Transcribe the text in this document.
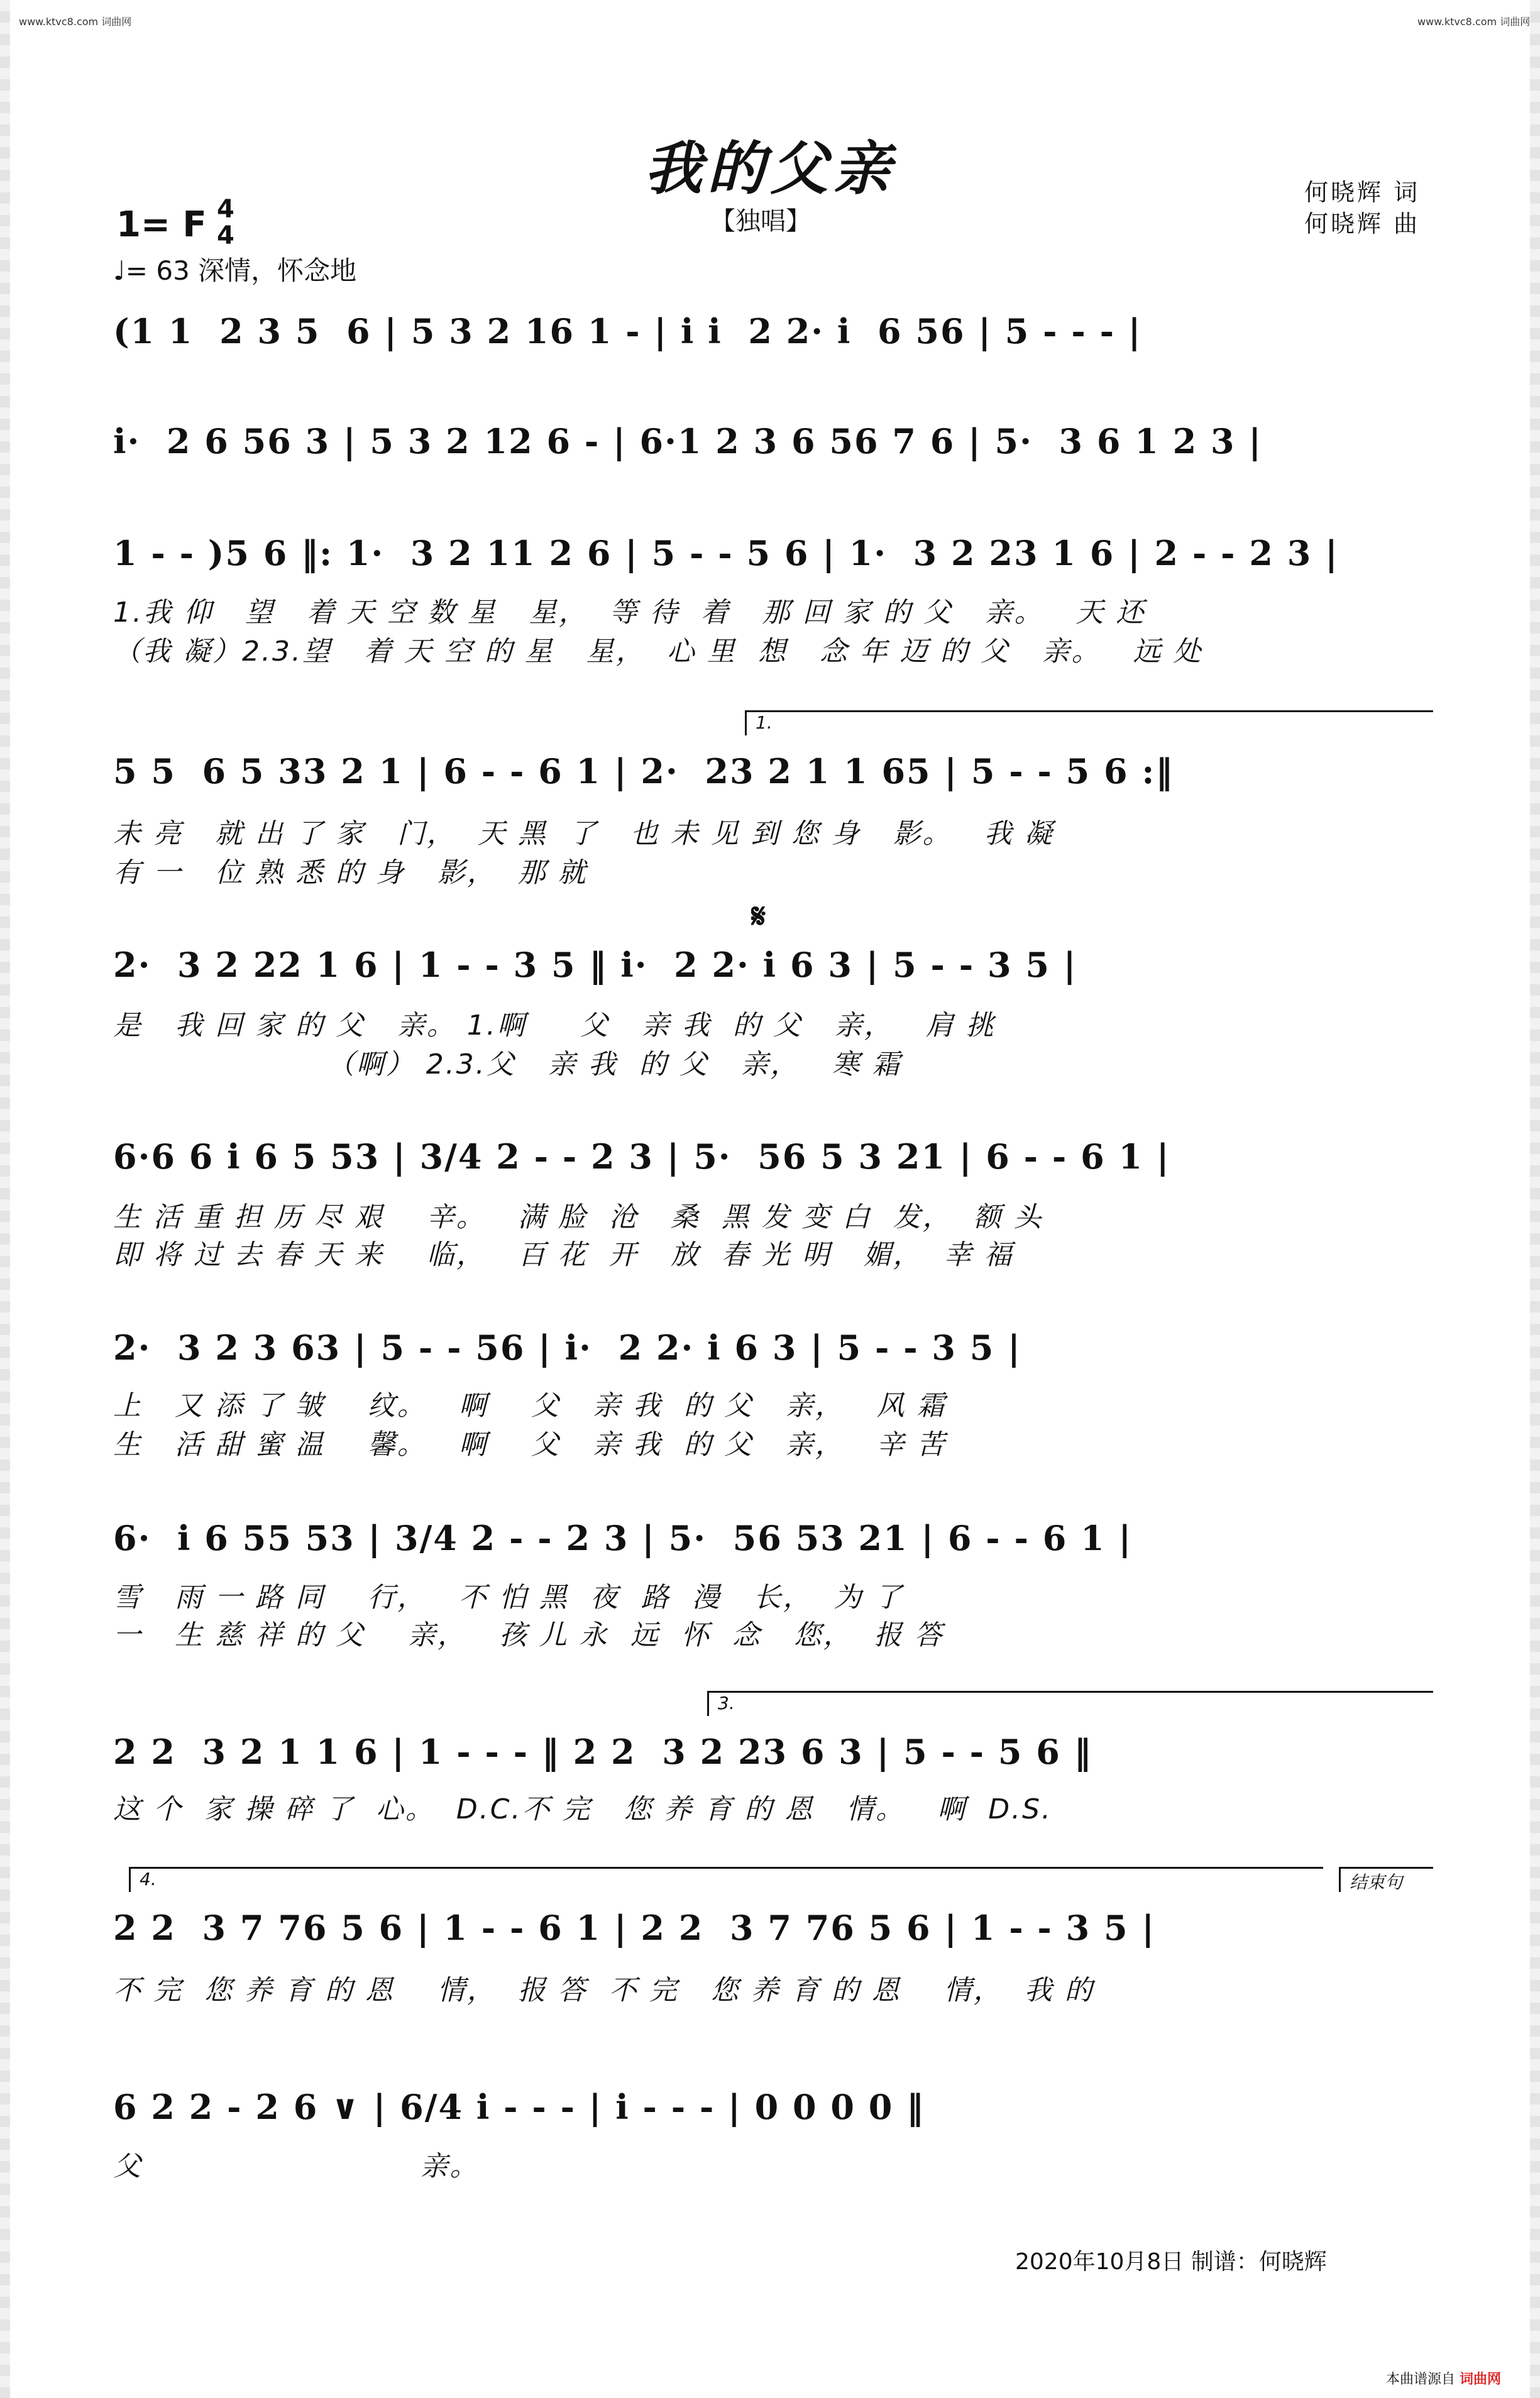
www.ktvc8.com 词曲网	www.ktvc8.com 词曲网
我的父亲
【独唱】
何晓辉 词
何晓辉 曲
1= F 4
4
♩= 63 深情，怀念地
(1 1  2 3 5  6 | 5 3 2 16 1 - | i i  2 2· i  6 56 | 5 - - - |
i·  2 6 56 3 | 5 3 2 12 6 - | 6·1 2 3 6 56 7 6 | 5·  3 6 1 2 3 |
1 - - )5 6 ‖: 1·  3 2 11 2 6 | 5 - - 5 6 | 1·  3 2 23 1 6 | 2 - - 2 3 |
1.我 仰   望   着 天 空 数 星   星，  等 待  着   那 回 家 的 父   亲。   天 还
（我 凝）2.3.望   着 天 空 的 星   星，  心 里  想   念 年 迈 的 父   亲。   远 处
1.
5 5  6 5 33 2 1 | 6 - - 6 1 | 2·  23 2 1 1 65 | 5 - - 5 6 :‖
未 亮   就 出 了 家   门，  天 黑  了   也 未 见 到 您 身   影。   我 凝
有 一   位 熟 悉 的 身   影，  那 就
𝄋
2·  3 2 22 1 6 | 1 - - 3 5 ‖ i·  2 2· i 6 3 | 5 - - 3 5 |
是   我 回 家 的 父   亲。 1.啊     父   亲 我  的 父   亲，   肩 挑
（啊） 2.3.父   亲 我  的 父   亲，   寒 霜
6·6 6 i 6 5 53 | 3/4 2 - - 2 3 | 5·  56 5 3 21 | 6 - - 6 1 |
生 活 重 担 历 尽 艰    辛。   满 脸  沧   桑  黑 发 变 白  发，  额 头
即 将 过 去 春 天 来    临，   百 花  开   放  春 光 明   媚，  幸 福
2·  3 2 3 63 | 5 - - 56 | i·  2 2· i 6 3 | 5 - - 3 5 |
上   又 添 了 皱    纹。   啊    父   亲 我  的 父   亲，   风 霜
生   活 甜 蜜 温    馨。   啊    父   亲 我  的 父   亲，   辛 苦
6·  i 6 55 53 | 3/4 2 - - 2 3 | 5·  56 53 21 | 6 - - 6 1 |
雪   雨 一 路 同    行，   不 怕 黑  夜  路  漫   长，  为 了
一   生 慈 祥 的 父    亲，   孩 儿 永  远  怀  念   您，  报 答
3.
2 2  3 2 1 1 6 | 1 - - - ‖ 2 2  3 2 23 6 3 | 5 - - 5 6 ‖
这 个  家 操 碎 了  心。  D.C.不 完   您 养 育 的 恩   情。   啊  D.S.
4.	结束句
2 2  3 7 76 5 6 | 1 - - 6 1 | 2 2  3 7 76 5 6 | 1 - - 3 5 |
不 完  您 养 育 的 恩    情，  报 答  不 完   您 养 育 的 恩    情，  我 的
6 2 2 - 2 6 ∨ | 6/4 i - - - | i - - - | 0 0 0 0 ‖
父                          亲。
2020年10月8日 制谱：何晓辉
本曲谱源自 词曲网
